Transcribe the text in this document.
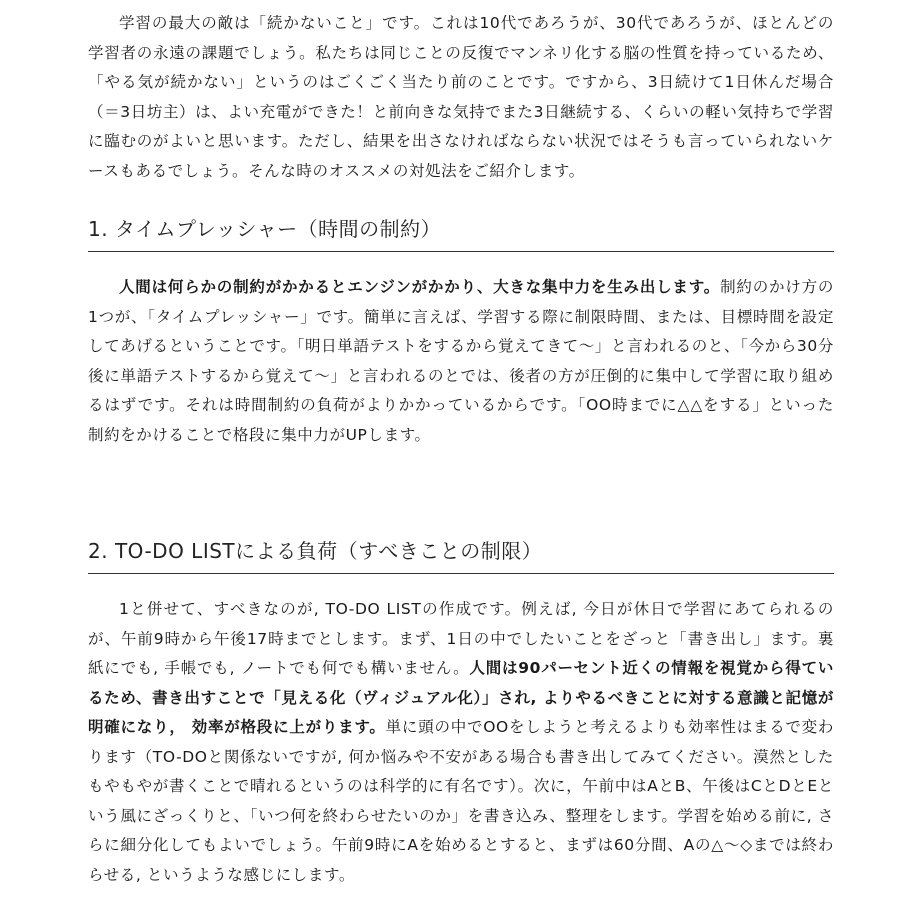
学習の最大の敵は「続かないこと」です。これは10代であろうが、30代であろうが、ほとんどの学習者の永遠の課題でしょう。私たちは同じことの反復でマンネリ化する脳の性質を持っているため、「やる気が続かない」というのはごくごく当たり前のことです。ですから、3日続けて1日休んだ場合（＝3日坊主）は、よい充電ができた！と前向きな気持でまた3日継続する、くらいの軽い気持ちで学習に臨むのがよいと思います。ただし、結果を出さなければならない状況ではそうも言っていられないケースもあるでしょう。そんな時のオススメの対処法をご紹介します。

1. タイムプレッシャー（時間の制約）

人間は何らかの制約がかかるとエンジンがかかり、大きな集中力を生み出します。制約のかけ方の1つが、「タイムプレッシャー」です。簡単に言えば、学習する際に制限時間、または、目標時間を設定してあげるということです。「明日単語テストをするから覚えてきて〜」と言われるのと、「今から30分後に単語テストするから覚えて〜」と言われるのとでは、後者の方が圧倒的に集中して学習に取り組めるはずです。それは時間制約の負荷がよりかかっているからです。「OO時までに△△をする」といった制約をかけることで格段に集中力がUPします。

2. TO-DO LISTによる負荷（すべきことの制限）

1と併せて、すべきなのが, TO-DO LISTの作成です。例えば, 今日が休日で学習にあてられるのが、午前9時から午後17時までとします。まず、1日の中でしたいことをざっと「書き出し」ます。裏紙にでも, 手帳でも, ノートでも何でも構いません。人間は90パーセント近くの情報を視覚から得ているため、書き出すことで「見える化（ヴィジュアル化）」され, よりやるべきことに対する意識と記憶が明確になり， 効率が格段に上がります。単に頭の中でOOをしようと考えるよりも効率性はまるで変わります（TO-DOと関係ないですが, 何か悩みや不安がある場合も書き出してみてください。漠然としたもやもやが書くことで晴れるというのは科学的に有名です）。次に，午前中はAとB、午後はCとDとEという風にざっくりと、「いつ何を終わらせたいのか」を書き込み、整理をします。学習を始める前に, さらに細分化してもよいでしょう。午前9時にAを始めるとすると、まずは60分間、Aの△〜◇までは終わらせる, というような感じにします。
